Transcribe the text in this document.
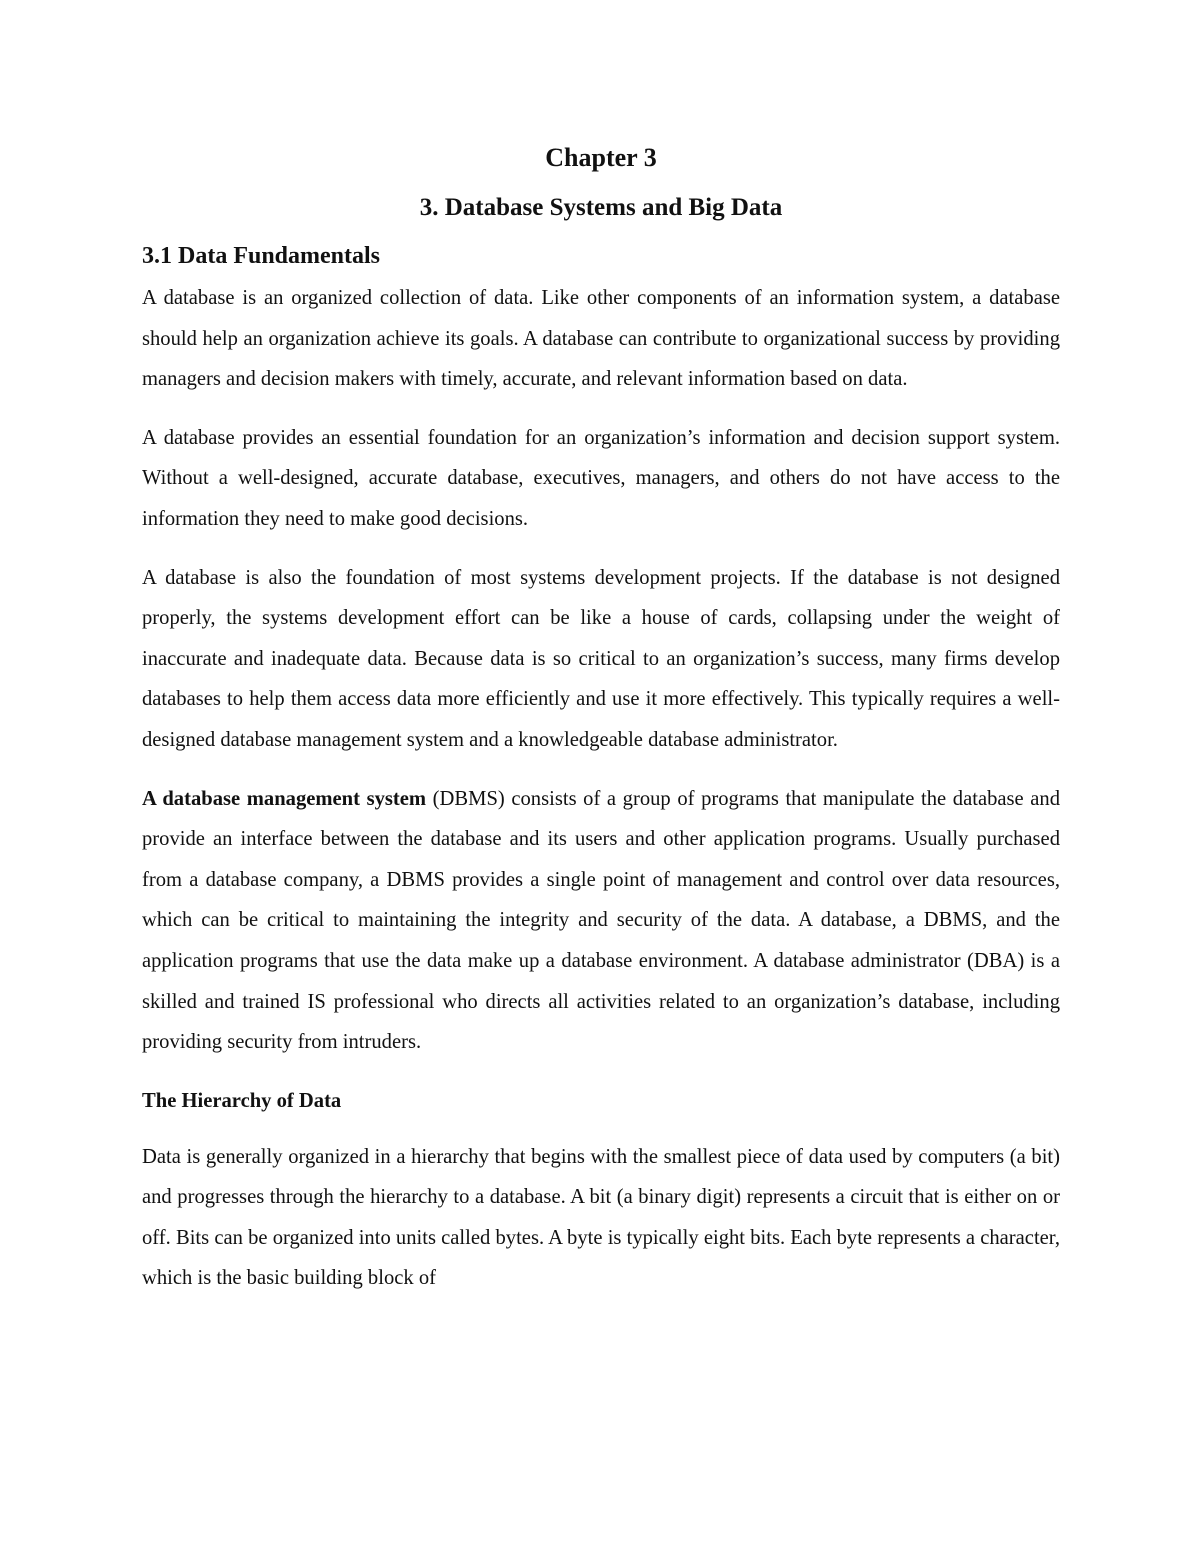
Chapter 3
3. Database Systems and Big Data
3.1 Data Fundamentals

A database is an organized collection of data. Like other components of an information system, a database should help an organization achieve its goals. A database can contribute to organizational success by providing managers and decision makers with timely, accurate, and relevant information based on data.

A database provides an essential foundation for an organization’s information and decision support system. Without a well-designed, accurate database, executives, managers, and others do not have access to the information they need to make good decisions.

A database is also the foundation of most systems development projects. If the database is not designed properly, the systems development effort can be like a house of cards, collapsing under the weight of inaccurate and inadequate data. Because data is so critical to an organization’s success, many firms develop databases to help them access data more efficiently and use it more effectively. This typically requires a well-designed database management system and a knowledgeable database administrator.

A database management system (DBMS) consists of a group of programs that manipulate the database and provide an interface between the database and its users and other application programs. Usually purchased from a database company, a DBMS provides a single point of management and control over data resources, which can be critical to maintaining the integrity and security of the data. A database, a DBMS, and the application programs that use the data make up a database environment. A database administrator (DBA) is a skilled and trained IS professional who directs all activities related to an organization’s database, including providing security from intruders.

The Hierarchy of Data

Data is generally organized in a hierarchy that begins with the smallest piece of data used by computers (a bit) and progresses through the hierarchy to a database. A bit (a binary digit) represents a circuit that is either on or off. Bits can be organized into units called bytes. A byte is typically eight bits. Each byte represents a character, which is the basic building block of
